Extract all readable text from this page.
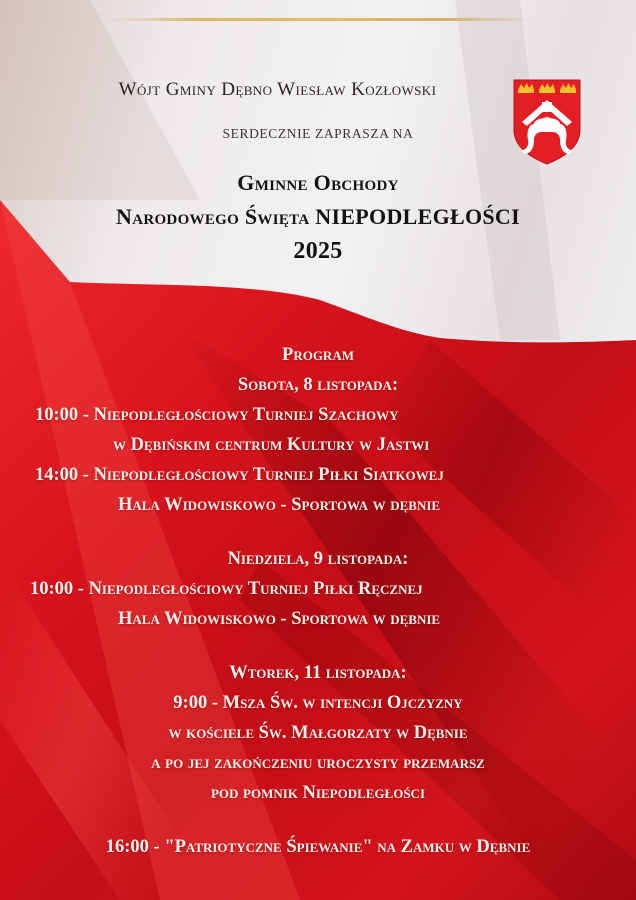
Wójt Gminy Dębno Wiesław Kozłowski
SERDECZNIE ZAPRASZA NA
Gminne Obchody
Narodowego Święta NIEPODLEGŁOŚCI
2025
Program
Sobota, 8 listopada:
10:00 - Niepodległościowy Turniej Szachowy
w Dębińskim centrum Kultury w Jastwi
14:00 - Niepodległościowy Turniej Piłki Siatkowej
Hala Widowiskowo - Sportowa w dębnie
Niedziela, 9 listopada:
10:00 - Niepodległościowy Turniej Piłki Ręcznej
Hala Widowiskowo - Sportowa w dębnie
Wtorek, 11 listopada:
9:00 - Msza Św. w intencji Ojczyzny
w kościele Św. Małgorzaty w Dębnie
a po jej zakończeniu uroczysty przemarsz
pod pomnik Niepodległości
16:00 - "Patriotyczne Śpiewanie" na Zamku w Dębnie
